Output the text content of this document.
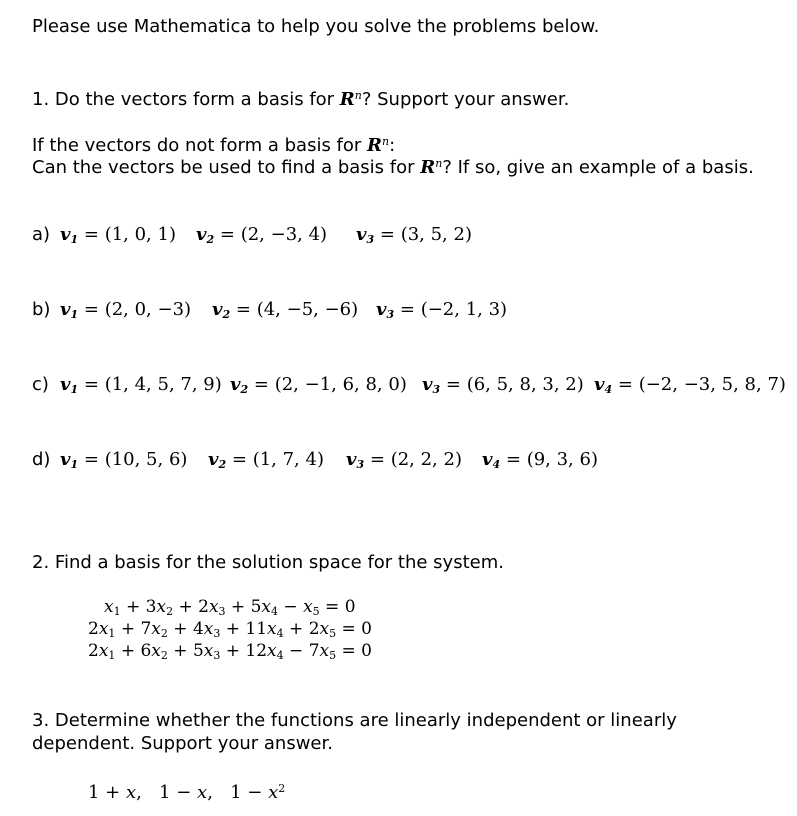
Please use Mathematica to help you solve the problems below.
1. Do the vectors form a basis for $R^n$? Support your answer.
If the vectors do not form a basis for $R^n$:
Can the vectors be used to find a basis for $R^n$? If so, give an example of a basis.
a) $v_1 = (1$, 0, 1) $v_2 = (2$, −3, 4) $v_3 = (3$, 5, 2)
b) $v_1 = (2$, 0, −3) $v_2 = (4$, −5, −6) $v_3 = (-2$, 1, 3)
c) $v_1 = (1$, 4, 5, 7, 9) $v_2 = (2$, −1, 6, 8, 0) $v_3 = (6$, 5, 8, 3, 2) $v_4 = (-2$, −3, 5, 8, 7)
d) $v_1 = (10$, 5, 6) $v_2 = (1$, 7, 4) $v_3 = (2$, 2, 2) $v_4 = (9$, 3, 6)
2. Find a basis for the solution space for the system.
$x_1 + 3x_2 + 2x_3 + 5x_4 - x_5 = 0$
$2x_1 + 7x_2 + 4x_3 + 11x_4 + 2x_5 = 0$
$2x_1 + 6x_2 + 5x_3 + 12x_4 - 7x_5 = 0$
3. Determine whether the functions are linearly independent or linearly
dependent. Support your answer.
1 + x, 1 − x, $1 - x^2$
